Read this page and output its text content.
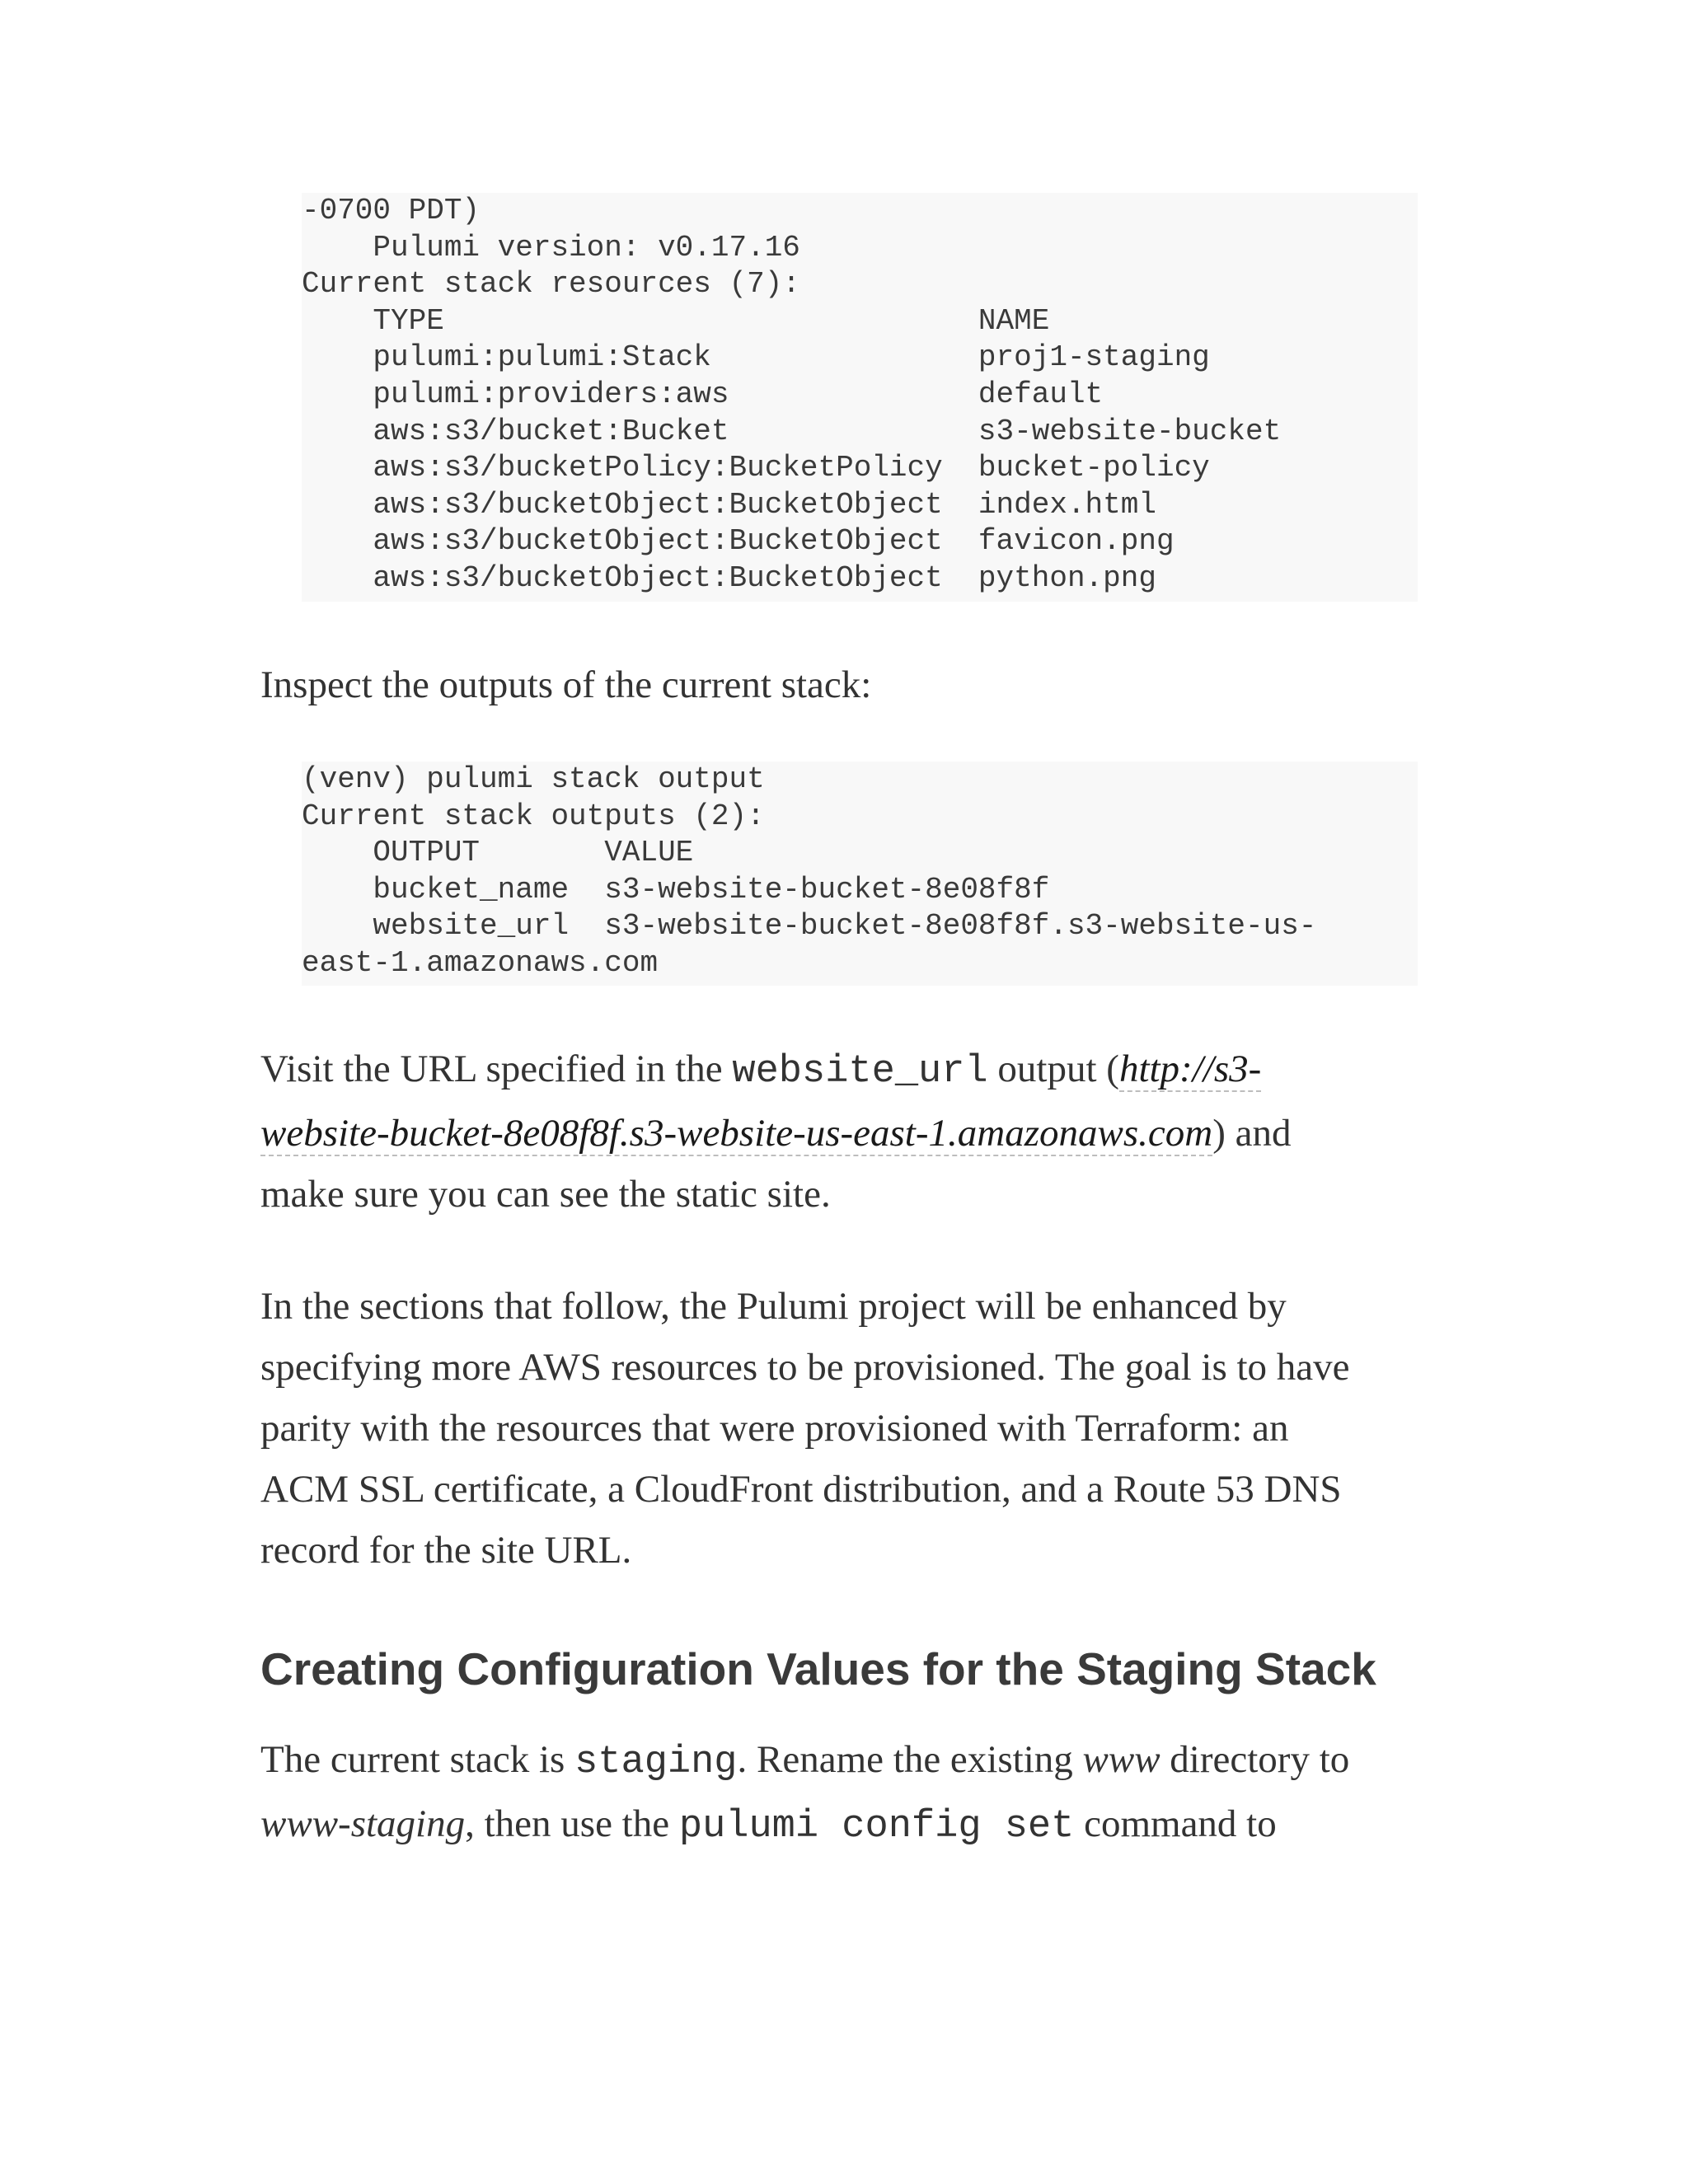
-0700 PDT)
Pulumi version: v0.17.16
Current stack resources (7):
TYPE                              NAME
pulumi:pulumi:Stack               proj1-staging
pulumi:providers:aws              default
aws:s3/bucket:Bucket              s3-website-bucket
aws:s3/bucketPolicy:BucketPolicy  bucket-policy
aws:s3/bucketObject:BucketObject  index.html
aws:s3/bucketObject:BucketObject  favicon.png
aws:s3/bucketObject:BucketObject  python.png

Inspect the outputs of the current stack:

(venv) pulumi stack output
Current stack outputs (2):
OUTPUT       VALUE
bucket_name  s3-website-bucket-8e08f8f
website_url  s3-website-bucket-8e08f8f.s3-website-us-
east-1.amazonaws.com

Visit the URL specified in the website_url output (http://s3-
website-bucket-8e08f8f.s3-website-us-east-1.amazonaws.com) and
make sure you can see the static site.

In the sections that follow, the Pulumi project will be enhanced by
specifying more AWS resources to be provisioned. The goal is to have
parity with the resources that were provisioned with Terraform: an
ACM SSL certificate, a CloudFront distribution, and a Route 53 DNS
record for the site URL.

Creating Configuration Values for the Staging Stack

The current stack is staging. Rename the existing www directory to
www-staging, then use the pulumi config set command to
